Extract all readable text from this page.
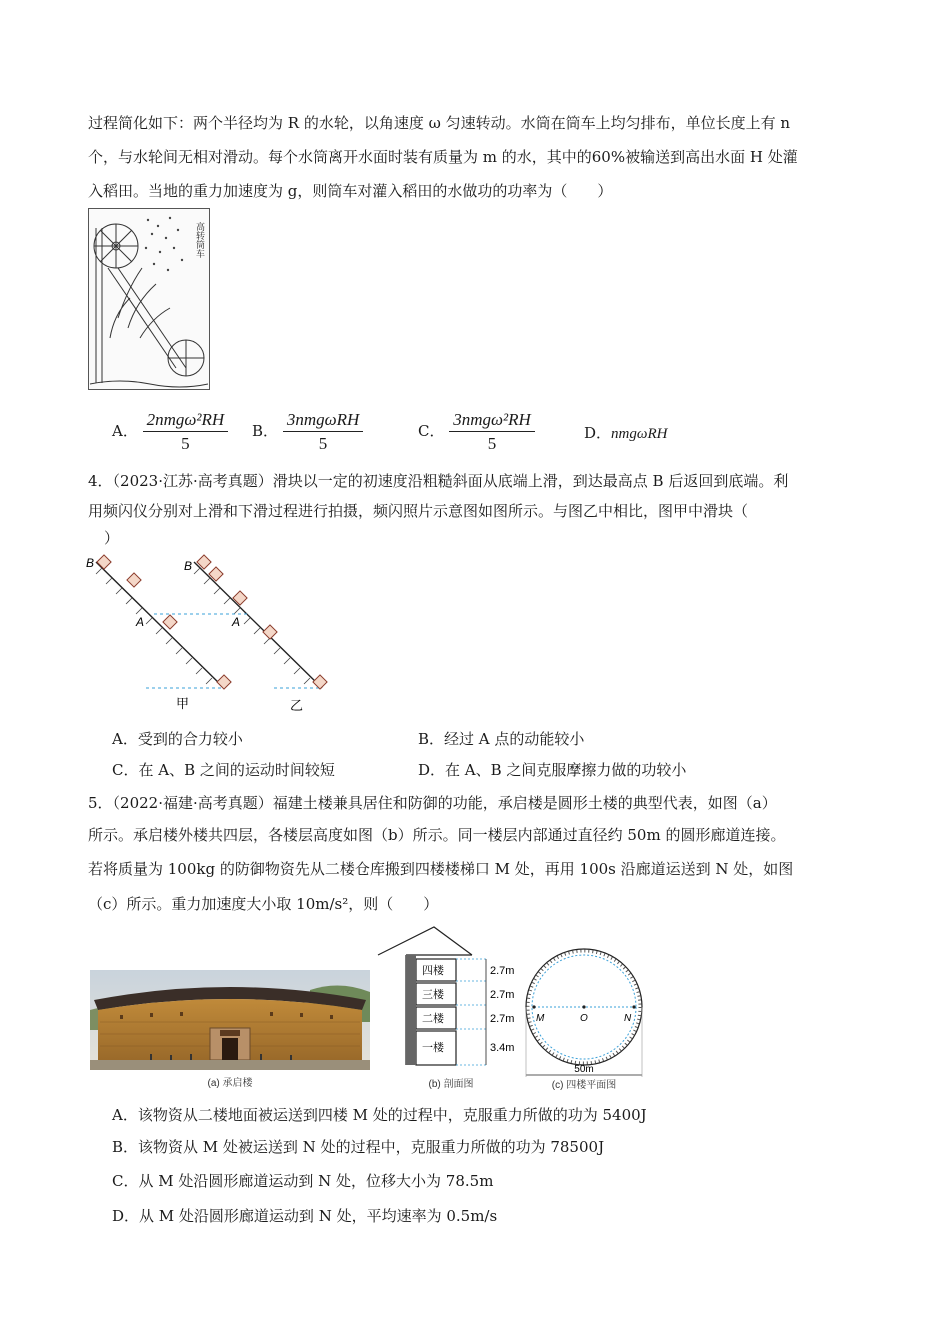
过程简化如下：两个半径均为 R 的水轮，以角速度 ω 匀速转动。水筒在筒车上均匀排布，单位长度上有 n
个，与水轮间无相对滑动。每个水筒离开水面时装有质量为 m 的水，其中的60%被输送到高出水面 H 处灌
入稻田。当地的重力加速度为 g，则筒车对灌入稻田的水做功的功率为（　　）
高转筒车
A． $\frac{\text{2nmgω²RH}}{5}$ B． $\frac{\text{3nmgωRH}}{5}$	C． $\frac{\text{3nmgω²RH}}{5}$	D．nmgωRH
4．（2023·江苏·高考真题）滑块以一定的初速度沿粗糙斜面从底端上滑，到达最高点 B 后返回到底端。利
用频闪仪分别对上滑和下滑过程进行拍摄，频闪照片示意图如图所示。与图乙中相比，图甲中滑块（
）
B	B
A	A
甲	乙
A．受到的合力较小	B．经过 A 点的动能较小
C．在 A、B 之间的运动时间较短	D．在 A、B 之间克服摩擦力做的功较小
5．（2022·福建·高考真题）福建土楼兼具居住和防御的功能，承启楼是圆形土楼的典型代表，如图（a）
所示。承启楼外楼共四层，各楼层高度如图（b）所示。同一楼层内部通过直径约 50m 的圆形廊道连接。
若将质量为 100kg 的防御物资先从二楼仓库搬到四楼楼梯口 M 处，再用 100s 沿廊道运送到 N 处，如图
（c）所示。重力加速度大小取 10m/s²，则（　　）
(a) 承启楼
四楼
三楼
二楼
一楼
2.7m
2.7m
2.7m
3.4m
(b) 剖面图
M	O	N
50m
(c) 四楼平面图
A．该物资从二楼地面被运送到四楼 M 处的过程中，克服重力所做的功为 5400J
B．该物资从 M 处被运送到 N 处的过程中，克服重力所做的功为 78500J
C．从 M 处沿圆形廊道运动到 N 处，位移大小为 78.5m
D．从 M 处沿圆形廊道运动到 N 处，平均速率为 0.5m/s
